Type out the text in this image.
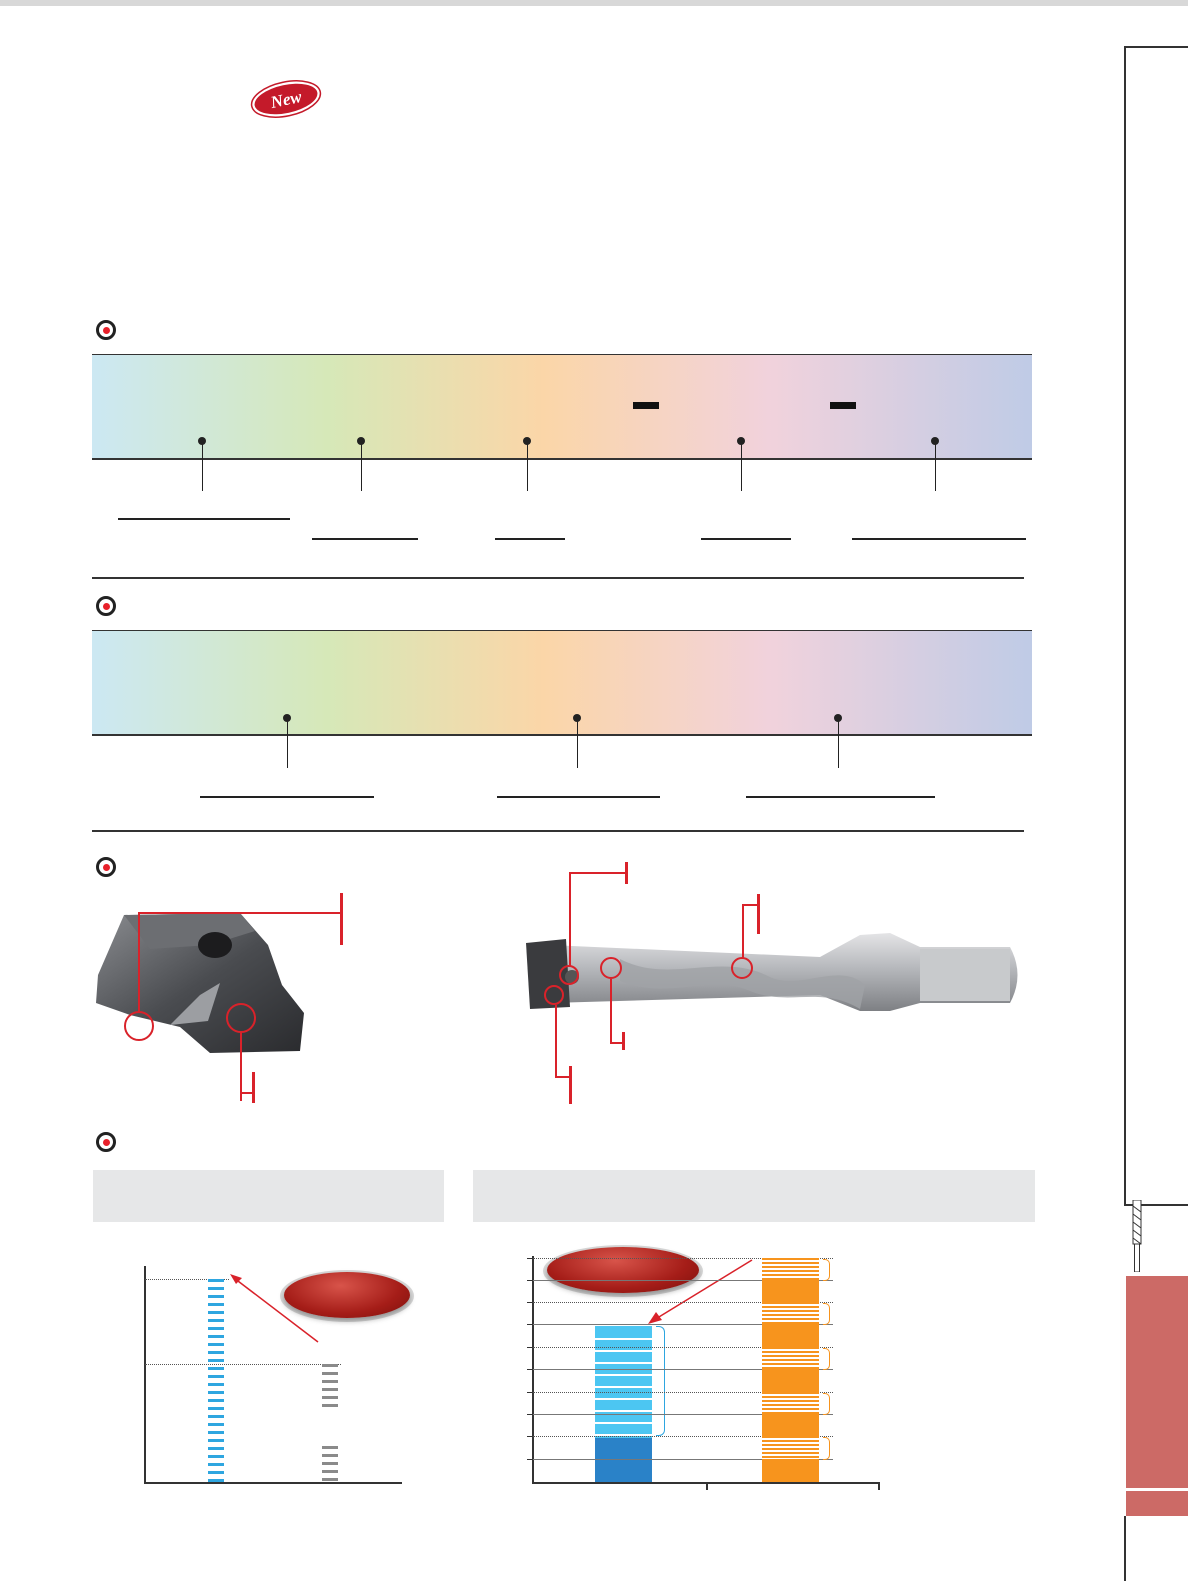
New
